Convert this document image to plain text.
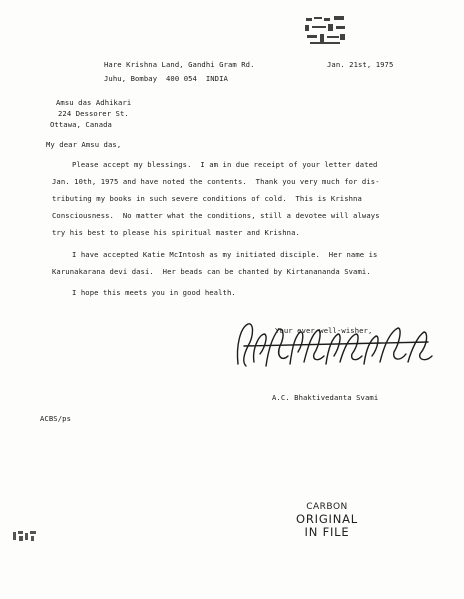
Hare Krishna Land, Gandhi Gram Rd.
Juhu, Bombay  400 054  INDIA
Jan. 21st, 1975
Amsu das Adhikari
224 Dessorer St.
Ottawa, Canada
My dear Amsu das,
Please accept my blessings.  I am in due receipt of your letter dated
Jan. 10th, 1975 and have noted the contents.  Thank you very much for dis-
tributing my books in such severe conditions of cold.  This is Krishna
Consciousness.  No matter what the conditions, still a devotee will always
try his best to please his spiritual master and Krishna.
I have accepted Katie McIntosh as my initiated disciple.  Her name is
Karunakarana devi dasi.  Her beads can be chanted by Kirtanananda Svami.
I hope this meets you in good health.
Your ever well-wisher,
A.C. Bhaktivedanta Svami
ACBS/ps
CARBON
ORIGINAL
IN FILE
